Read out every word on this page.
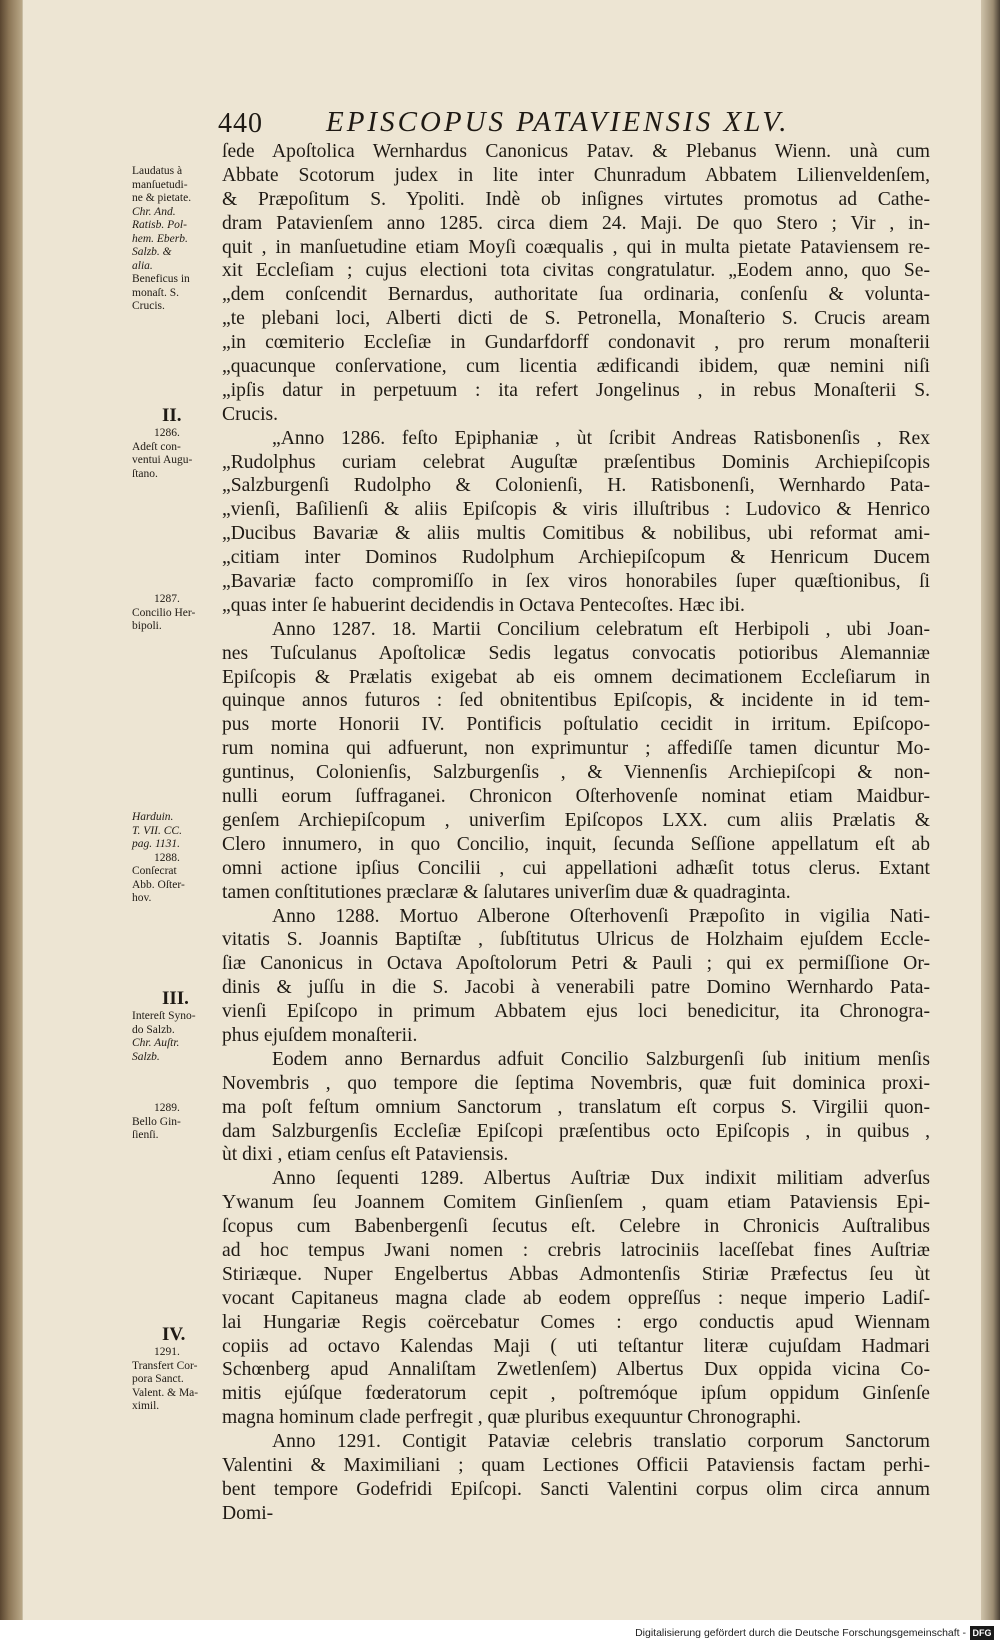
440 EPISCOPUS PATAVIENSIS XLV.
ſede Apoſtolica Wernhardus Canonicus Patav. & Plebanus Wienn. unà cum
Abbate Scotorum judex in lite inter Chunradum Abbatem Lilienveldenſem,
& Præpoſitum S. Ypoliti. Indè ob inſignes virtutes promotus ad Cathe-
dram Patavienſem anno 1285. circa diem 24. Maji. De quo Stero ; Vir , in-
quit , in manſuetudine etiam Moyſi coæqualis , qui in multa pietate Pataviensem re-
xit Eccleſiam ; cujus electioni tota civitas congratulatur. „Eodem anno, quo Se-
„dem conſcendit Bernardus, authoritate ſua ordinaria, conſenſu & volunta-
„te plebani loci, Alberti dicti de S. Petronella, Monaſterio S. Crucis aream
„in cœmiterio Eccleſiæ in Gundarfdorff condonavit , pro rerum monaſterii
„quacunque conſervatione, cum licentia ædificandi ibidem, quæ nemini niſi
„ipſis datur in perpetuum : ita refert Jongelinus , in rebus Monaſterii S.
Crucis.
„Anno 1286. feſto Epiphaniæ , ùt ſcribit Andreas Ratisbonenſis , Rex
„Rudolphus curiam celebrat Auguſtæ præſentibus Dominis Archiepiſcopis
„Salzburgenſi Rudolpho & Colonienſi, H. Ratisbonenſi, Wernhardo Pata-
„vienſi, Baſilienſi & aliis Epiſcopis & viris illuſtribus : Ludovico & Henrico
„Ducibus Bavariæ & aliis multis Comitibus & nobilibus, ubi reformat ami-
„citiam inter Dominos Rudolphum Archiepiſcopum & Henricum Ducem
„Bavariæ facto compromiſſo in ſex viros honorabiles ſuper quæſtionibus, ſi
„quas inter ſe habuerint decidendis in Octava Pentecoſtes. Hæc ibi.
Anno 1287. 18. Martii Concilium celebratum eſt Herbipoli , ubi Joan-
nes Tuſculanus Apoſtolicæ Sedis legatus convocatis potioribus Alemanniæ
Epiſcopis & Prælatis exigebat ab eis omnem decimationem Eccleſiarum in
quinque annos futuros : ſed obnitentibus Epiſcopis, & incidente in id tem-
pus morte Honorii IV. Pontificis poſtulatio cecidit in irritum. Epiſcopo-
rum nomina qui adfuerunt, non exprimuntur ; affediſſe tamen dicuntur Mo-
guntinus, Colonienſis, Salzburgenſis , & Viennenſis Archiepiſcopi & non-
nulli eorum ſuffraganei. Chronicon Oſterhovenſe nominat etiam Maidbur-
genſem Archiepiſcopum , univerſim Epiſcopos LXX. cum aliis Prælatis &
Clero innumero, in quo Concilio, inquit, ſecunda Seſſione appellatum eſt ab
omni actione ipſius Concilii , cui appellationi adhæſit totus clerus. Extant
tamen conſtitutiones præclaræ & ſalutares univerſim duæ & quadraginta.
Anno 1288. Mortuo Alberone Oſterhovenſi Præpoſito in vigilia Nati-
vitatis S. Joannis Baptiſtæ , ſubſtitutus Ulricus de Holzhaim ejuſdem Eccle-
ſiæ Canonicus in Octava Apoſtolorum Petri & Pauli ; qui ex permiſſione Or-
dinis & juſſu in die S. Jacobi à venerabili patre Domino Wernhardo Pata-
vienſi Epiſcopo in primum Abbatem ejus loci benedicitur, ita Chronogra-
phus ejuſdem monaſterii.
Eodem anno Bernardus adfuit Concilio Salzburgenſi ſub initium menſis
Novembris , quo tempore die ſeptima Novembris, quæ fuit dominica proxi-
ma poſt feſtum omnium Sanctorum , translatum eſt corpus S. Virgilii quon-
dam Salzburgenſis Eccleſiæ Epiſcopi præſentibus octo Epiſcopis , in quibus ,
ùt dixi , etiam cenſus eſt Pataviensis.
Anno ſequenti 1289. Albertus Auſtriæ Dux indixit militiam adverſus
Ywanum ſeu Joannem Comitem Ginſienſem , quam etiam Pataviensis Epi-
ſcopus cum Babenbergenſi ſecutus eſt. Celebre in Chronicis Auſtralibus
ad hoc tempus Jwani nomen : crebris latrociniis laceſſebat fines Auſtriæ
Stiriæque. Nuper Engelbertus Abbas Admontenſis Stiriæ Præfectus ſeu ùt
vocant Capitaneus magna clade ab eodem oppreſſus : neque imperio Ladiſ-
lai Hungariæ Regis coërcebatur Comes : ergo conductis apud Wiennam
copiis ad octavo Kalendas Maji ( uti teſtantur literæ cujuſdam Hadmari
Schœnberg apud Annaliſtam Zwetlenſem) Albertus Dux oppida vicina Co-
mitis ejúſque fœderatorum cepit , poſtremóque ipſum oppidum Ginſenſe
magna hominum clade perfregit , quæ pluribus exequuntur Chronographi.
Anno 1291. Contigit Pataviæ celebris translatio corporum Sanctorum
Valentini & Maximiliani ; quam Lectiones Officii Pataviensis factam perhi-
bent tempore Godefridi Epiſcopi. Sancti Valentini corpus olim circa annum
Domi-
Laudatus à
manſuetudi-
ne & pietate.
Chr. And.
Ratisb. Pol-
hem. Eberb.
Salzb. &
alia.
Beneficus in
monaſt. S.
Crucis.
II.
1286.
Adeſt con-
ventui Augu-
ſtano.
1287.
Concilio Her-
bipoli.
Harduin.
T. VII. CC.
pag. 1131.
1288.
Conſecrat
Abb. Oſter-
hov.
III.
Intereſt Syno-
do Salzb.
Chr. Auſtr.
Salzb.
1289.
Bello Gin-
ſienſi.
IV.
1291.
Transfert Cor-
pora Sanct.
Valent. & Ma-
ximil.
Digitalisierung gefördert durch die Deutsche Forschungsgemeinschaft - DFG
